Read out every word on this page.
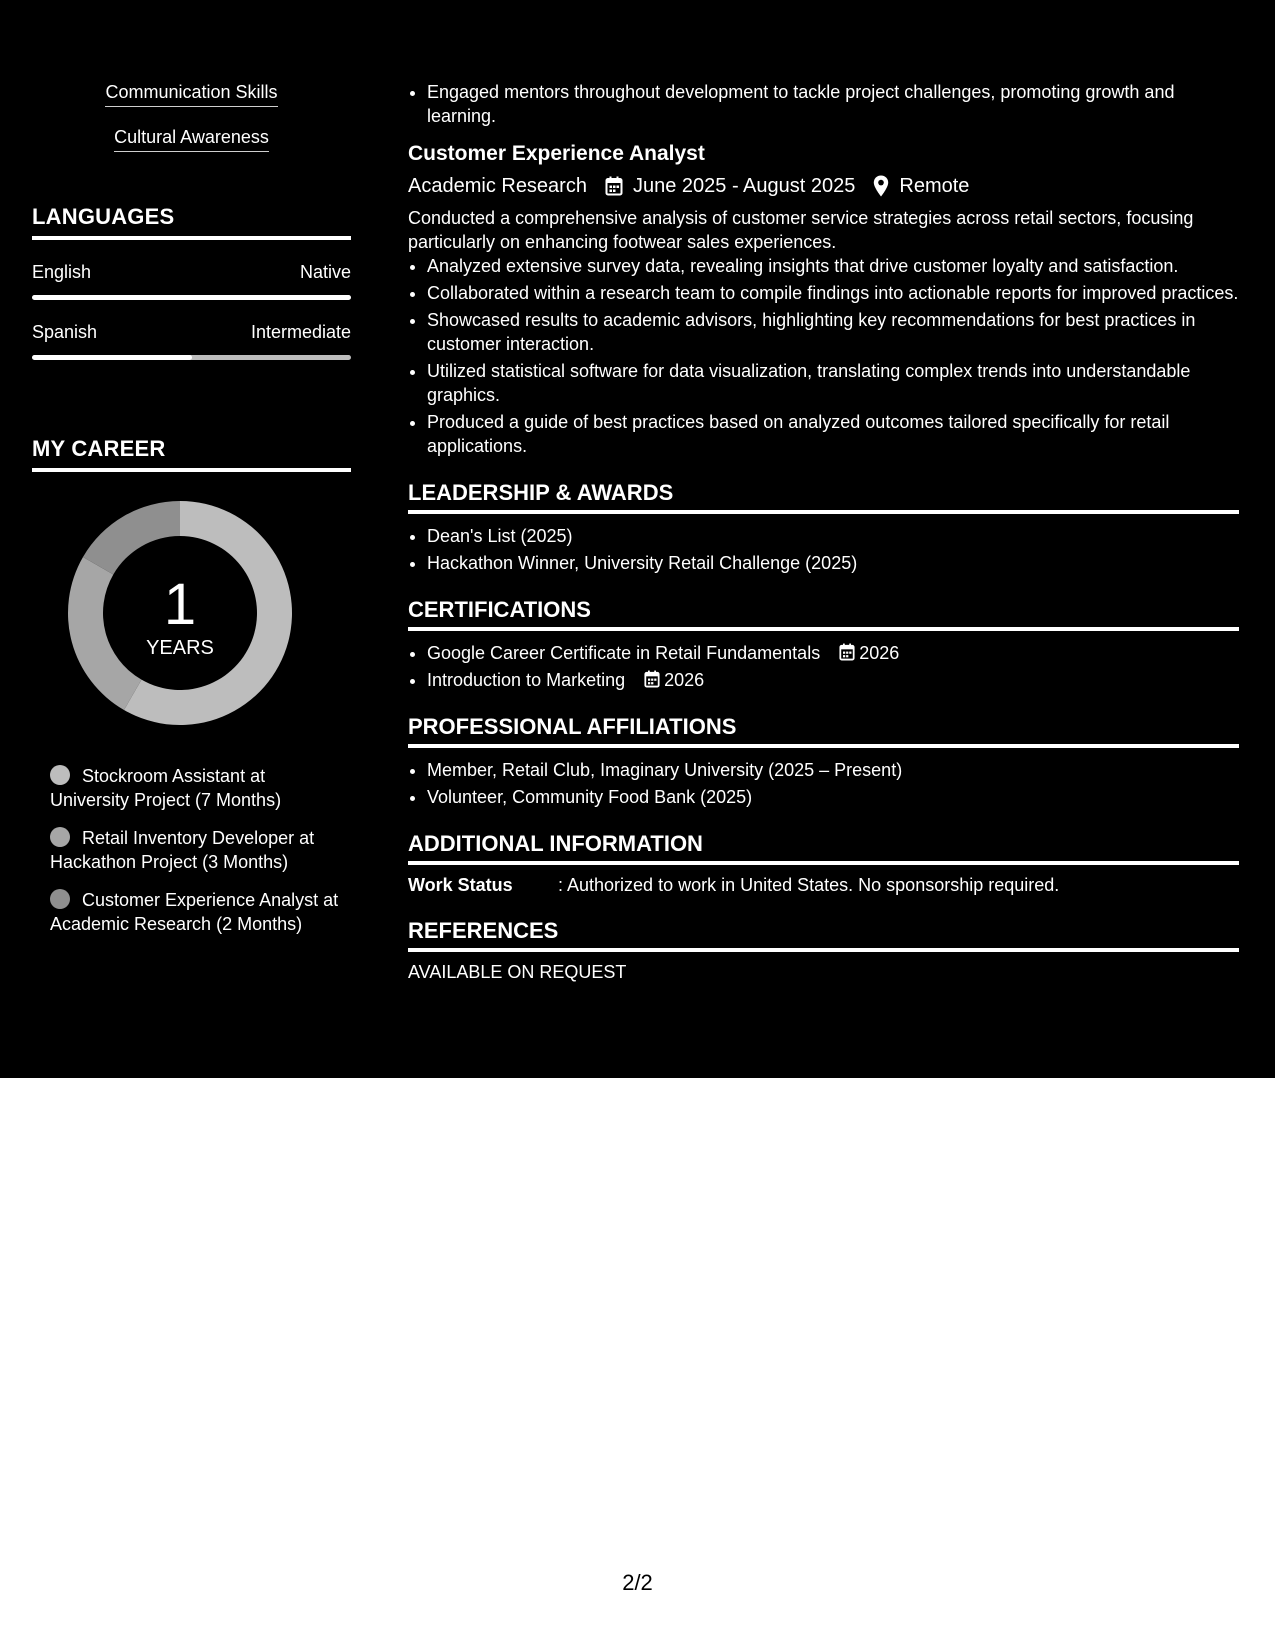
Communication Skills
Cultural Awareness
LANGUAGES
English	Native
Spanish	Intermediate
MY CAREER
1
YEARS
Stockroom Assistant at University Project (7 Months)
Retail Inventory Developer at Hackathon Project (3 Months)
Customer Experience Analyst at Academic Research (2 Months)
• Engaged mentors throughout development to tackle project challenges, promoting growth and learning.
Customer Experience Analyst
Academic Research June 2025 - August 2025 Remote
Conducted a comprehensive analysis of customer service strategies across retail sectors, focusing particularly on enhancing footwear sales experiences.
• Analyzed extensive survey data, revealing insights that drive customer loyalty and satisfaction.
• Collaborated within a research team to compile findings into actionable reports for improved practices.
• Showcased results to academic advisors, highlighting key recommendations for best practices in customer interaction.
• Utilized statistical software for data visualization, translating complex trends into understandable graphics.
• Produced a guide of best practices based on analyzed outcomes tailored specifically for retail applications.
LEADERSHIP & AWARDS
• Dean's List (2025)
• Hackathon Winner, University Retail Challenge (2025)
CERTIFICATIONS
• Google Career Certificate in Retail Fundamentals 2026
• Introduction to Marketing 2026
PROFESSIONAL AFFILIATIONS
• Member, Retail Club, Imaginary University (2025 – Present)
• Volunteer, Community Food Bank (2025)
ADDITIONAL INFORMATION
Work Status	: Authorized to work in United States. No sponsorship required.
REFERENCES
AVAILABLE ON REQUEST
2/2
